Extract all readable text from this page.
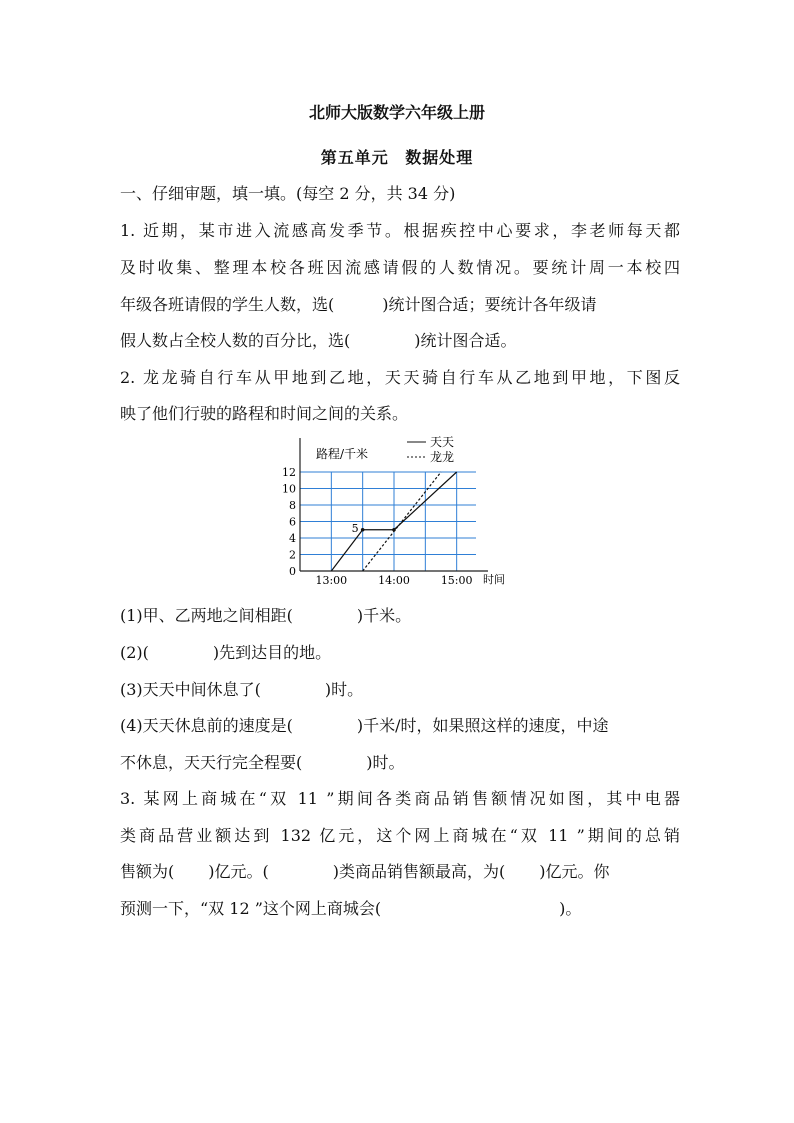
北师大版数学六年级上册
第五单元 数据处理
一、仔细审题，填一填。(每空 2 分，共 34 分)
1. 近期，某市进入流感高发季节。根据疾控中心要求，李老师每天都
及时收集、整理本校各班因流感请假的人数情况。要统计周一本校四
年级各班请假的学生人数，选(	)统计图合适；要统计各年级请
假人数占全校人数的百分比，选(	)统计图合适。
2. 龙龙骑自行车从甲地到乙地，天天骑自行车从乙地到甲地，下图反
映了他们行驶的路程和时间之间的关系。
0
2
4
6
8
10
12
13:00	14:00	15:00
5
路程/千米
时间
天天
龙龙
(1)甲、乙两地之间相距(	)千米。
(2)(	)先到达目的地。
(3)天天中间休息了(	)时。
(4)天天休息前的速度是(	)千米/时，如果照这样的速度，中途
不休息，天天行完全程要(	)时。
3. 某网上商城在“双 11 ”期间各类商品销售额情况如图，其中电器
类商品营业额达到 132 亿元，这个网上商城在“双 11 ”期间的总销
售额为( )亿元。(	)类商品销售额最高，为( )亿元。你
预测一下，“双 12 ”这个网上商城会(	)。
